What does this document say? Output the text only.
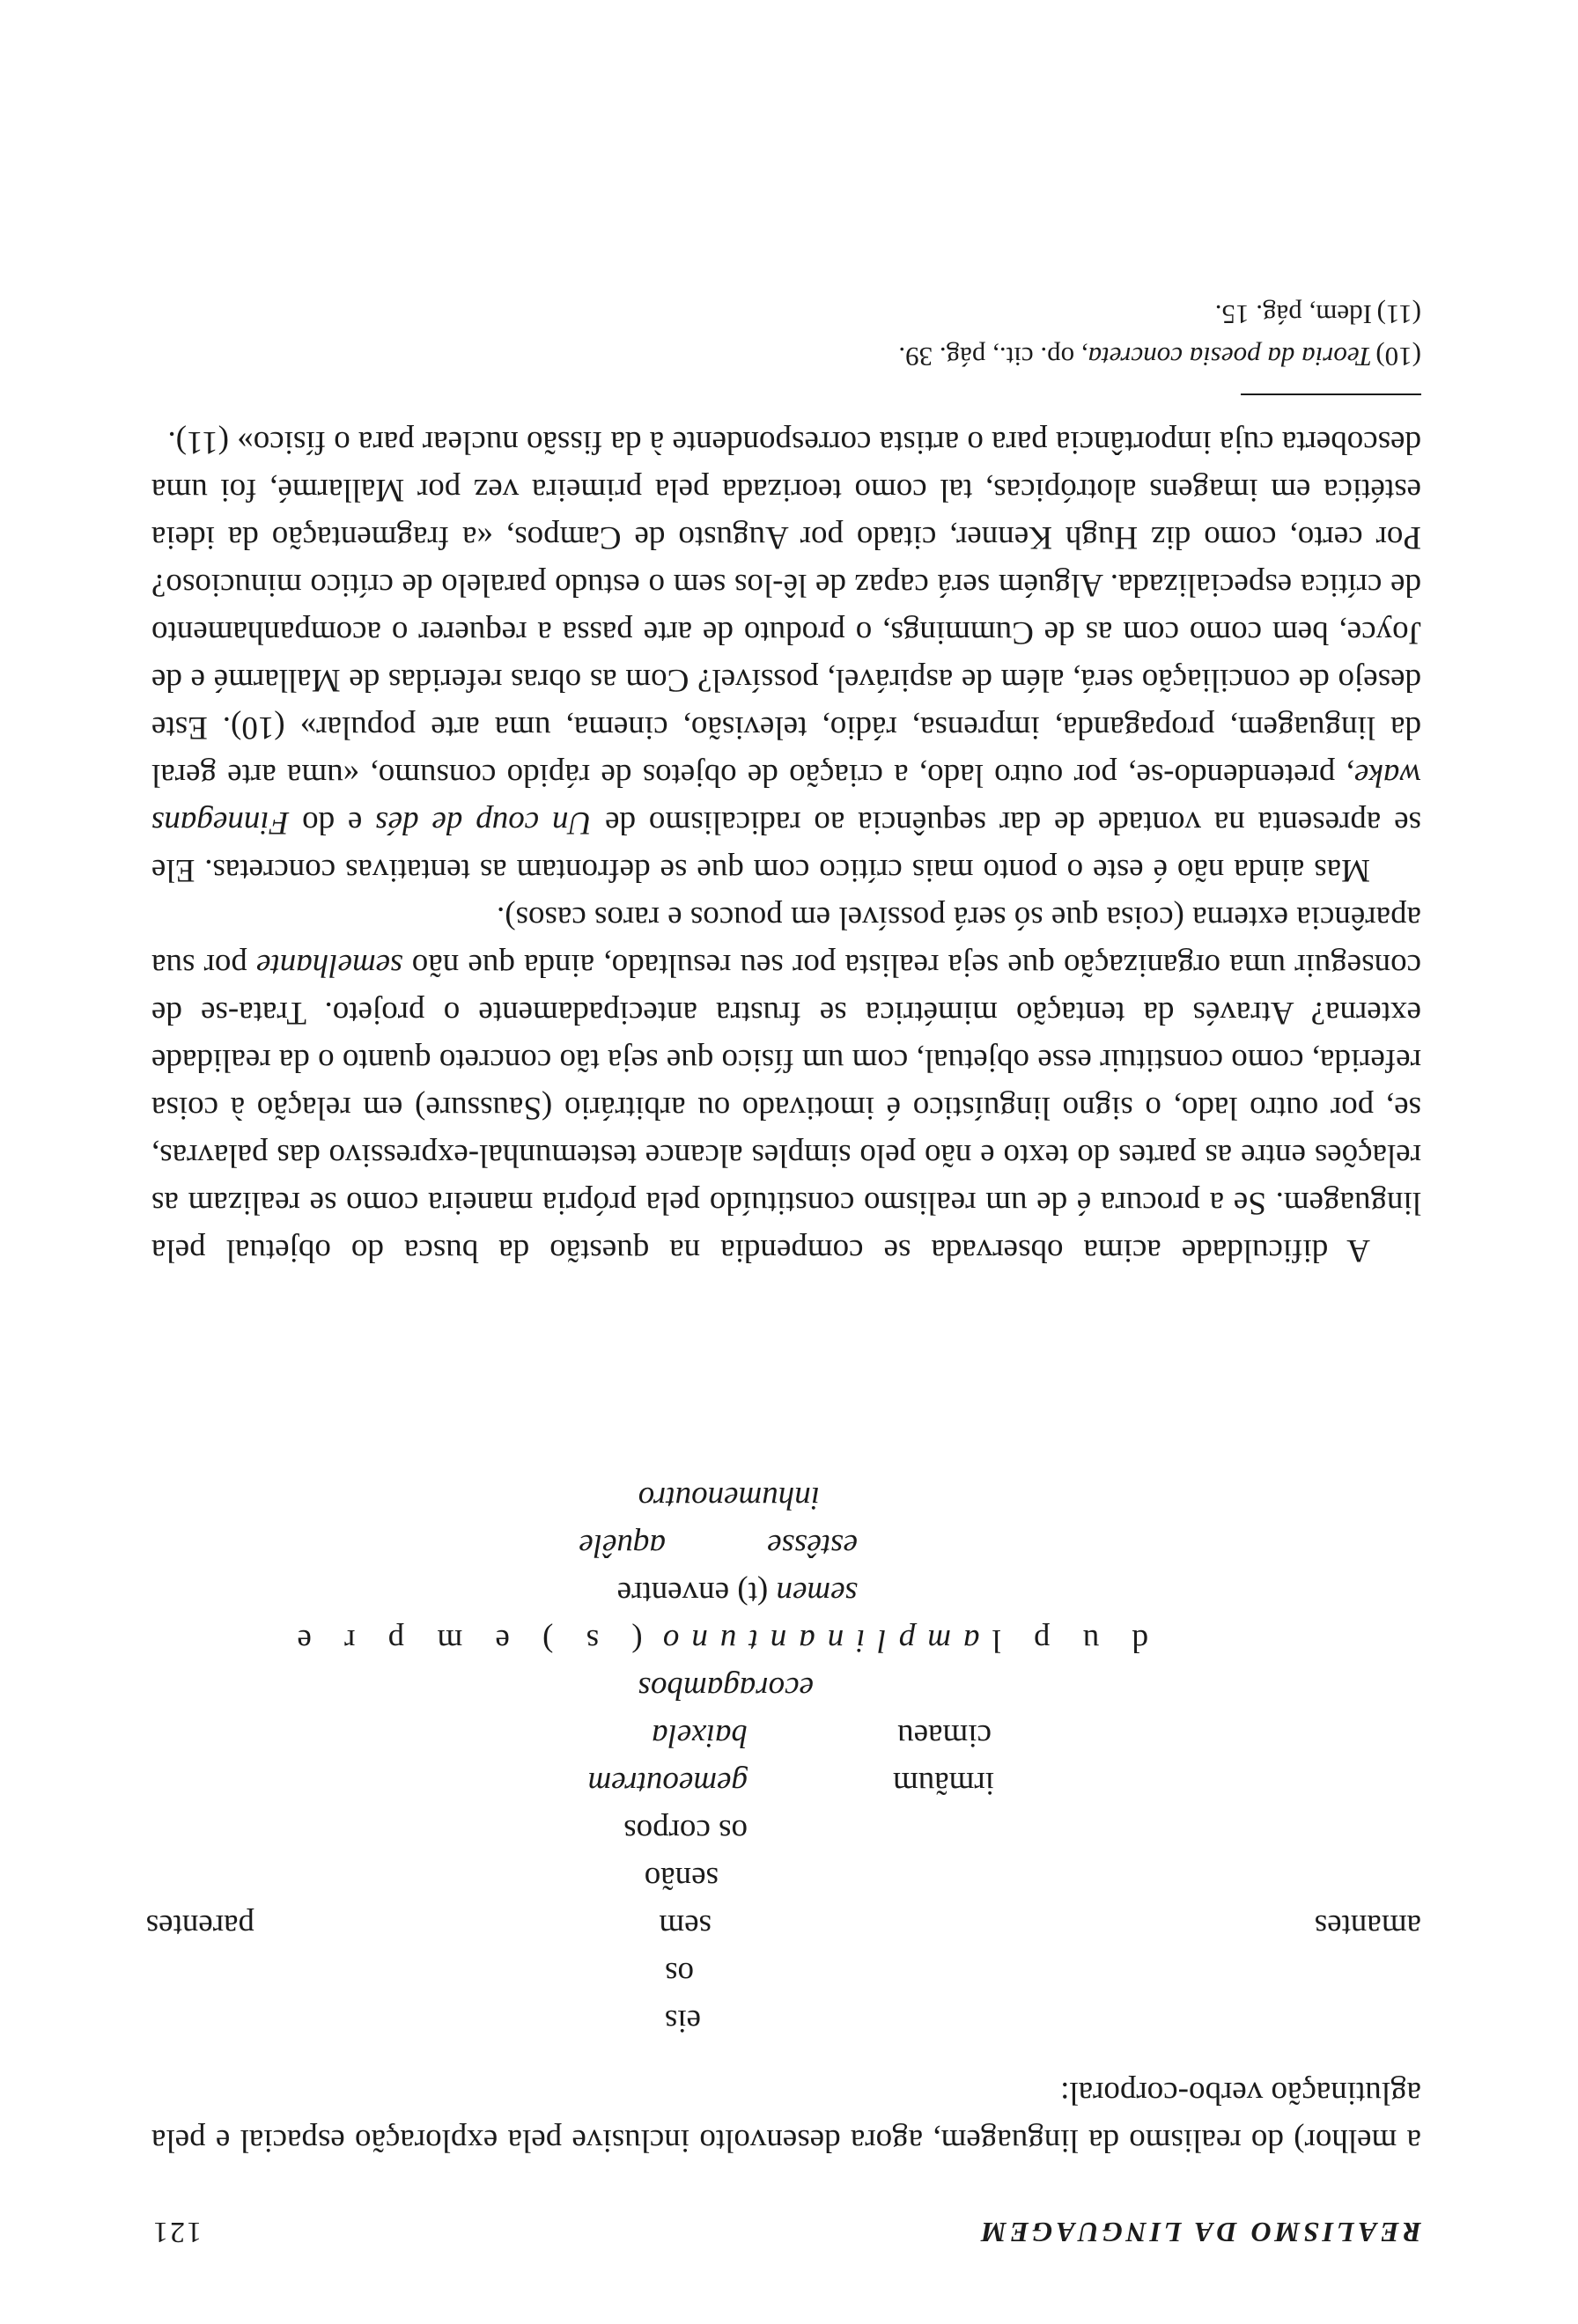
REALISMO DA LINGUAGEM
121

a melhor) do realismo da linguagem, agora desenvolto inclusive pela exploração espacial e pela aglutinação verbo-corporal:

eis
os
amantes
sem
parentes
senão
os corpos
irmãum
gemeoutrem
cimaeu
baixela
ecoragambos
d u p lamplinantuno ( s ) e m p r e
semen (t) enventre
estêsse
aquêle
inhumenoutro

A dificuldade acima observada se compendia na questão da busca do objetual pela linguagem. Se a procura é de um realismo constituído pela própria maneira como se realizam as relações entre as partes do texto e não pelo simples alcance testemunhal-expressivo das palavras, se, por outro lado, o signo linguístico é imotivado ou arbitrário (Saussure) em relação à coisa referida, como constituir esse objetual, com um físico que seja tão concreto quanto o da realidade externa? Através da tentação mimétrica se frustra antecipadamente o projeto. Trata-se de conseguir uma organização que seja realista por seu resultado, ainda que não semelhante por sua aparência externa (coisa que só será possível em poucos e raros casos).

Mas ainda não é este o ponto mais crítico com que se defrontam as tentativas concretas. Ele se apresenta na vontade de dar sequência ao radicalismo de Un coup de dés e do Finnegans wake, pretendendo-se, por outro lado, a criação de objetos de rápido consumo, «uma arte geral da linguagem, propaganda, imprensa, rádio, televisão, cinema, uma arte popular» (10). Este desejo de conciliação será, além de aspirável, possível? Com as obras referidas de Mallarmé e de Joyce, bem como com as de Cummings, o produto de arte passa a requerer o acompanhamento de crítica especializada. Alguém será capaz de lê-los sem o estudo paralelo de crítico minucioso? Por certo, como diz Hugh Kenner, citado por Augusto de Campos, «a fragmentação da ideia estética em imagens alotrópicas, tal como teorizada pela primeira vez por Mallarmé, foi uma descoberta cuja importância para o artista correspondente à da fissão nuclear para o físico» (11).

(10)Teoria da poesia concreta, op. cit., pág. 39.
(11)Idem, pág. 15.
